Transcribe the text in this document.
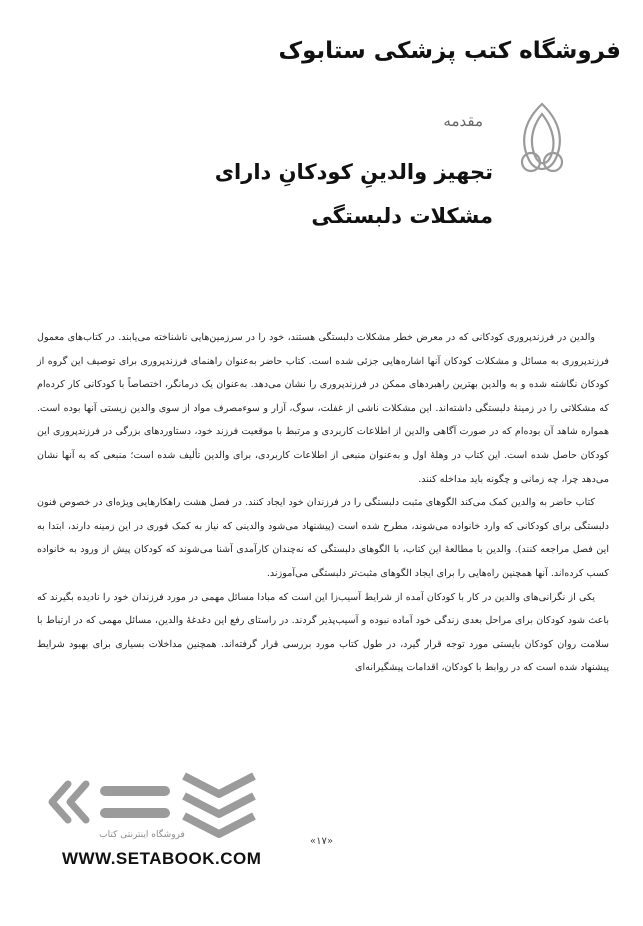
فروشگاه کتب پزشکی ستابوک
مقدمه
تجهیز والدینِ کودکانِ دارای مشکلات دلبستگی

والدین در فرزندپروری کودکانی که در معرض خطر مشکلات دلبستگی هستند، خود را در سرزمین‌هایی ناشناخته می‌یابند. در کتاب‌های معمول فرزندپروری به مسائل و مشکلات کودکان آنها اشاره‌هایی جزئی شده است. کتاب حاضر به‌عنوان راهنمای فرزندپروری برای توصیف این گروه از کودکان نگاشته شده و به والدین بهترین راهبردهای ممکن در فرزندپروری را نشان می‌دهد. به‌عنوان یک درمانگر، اختصاصاً با کودکانی کار کرده‌ام که مشکلاتی را در زمینهٔ دلبستگی داشته‌اند. این مشکلات ناشی از غفلت، سوگ، آزار و سوءمصرف مواد از سوی والدین زیستی آنها بوده است. همواره شاهد آن بوده‌ام که در صورت آگاهی والدین از اطلاعات کاربردی و مرتبط با موقعیت فرزند خود، دستاوردهای بزرگی در فرزندپروری این کودکان حاصل شده است. این کتاب در وهلهٔ اول و به‌عنوان منبعی از اطلاعات کاربردی، برای والدین تألیف شده است؛ منبعی که به آنها نشان می‌دهد چرا، چه زمانی و چگونه باید مداخله کنند.

کتاب حاضر به والدین کمک می‌کند الگوهای مثبت دلبستگی را در فرزندان خود ایجاد کنند. در فصل هشت راهکارهایی ویژه‌ای در خصوص فنون دلبستگی برای کودکانی که وارد خانواده می‌شوند، مطرح شده است (پیشنهاد می‌شود والدینی که نیاز به کمک فوری در این زمینه دارند، ابتدا به این فصل مراجعه کنند). والدین با مطالعهٔ این کتاب، با الگوهای دلبستگی که نه‌چندان کارآمدی آشنا می‌شوند که کودکان پیش از ورود به خانواده کسب کرده‌اند. آنها همچنین راه‌هایی را برای ایجاد الگوهای مثبت‌تر دلبستگی می‌آموزند.

یکی از نگرانی‌های والدین در کار با کودکان آمده از شرایط آسیب‌زا این است که مبادا مسائل مهمی در مورد فرزندان خود را نادیده بگیرند که باعث شود کودکان برای مراحل بعدی زندگی خود آماده نبوده و آسیب‌پذیر گردند. در راستای رفع این دغدغهٔ والدین، مسائل مهمی که در ارتباط با سلامت روان کودکان بایستی مورد توجه قرار گیرد، در طول کتاب مورد بررسی قرار گرفته‌اند. همچنین مداخلات بسیاری برای بهبود شرایط پیشنهاد شده است که در روابط با کودکان، اقدامات پیشگیرانه‌ای

فروشگاه اینترنتی کتاب
WWW.SETABOOK.COM
«۱۷»
